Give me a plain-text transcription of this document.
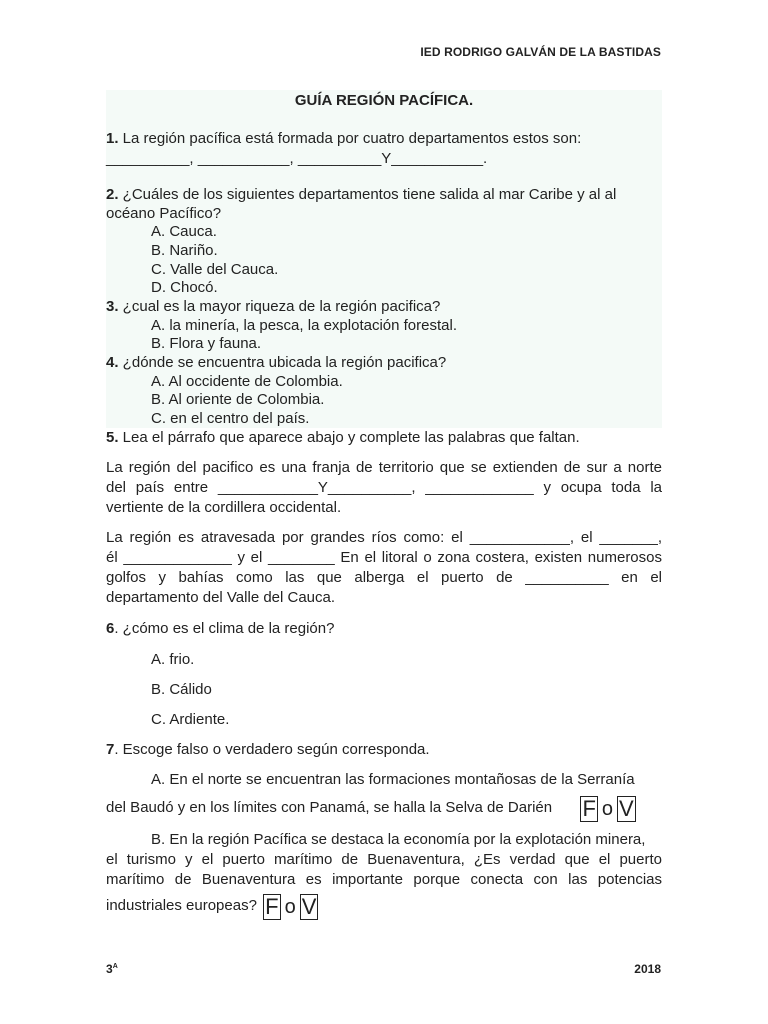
IED RODRIGO GALVÁN DE LA BASTIDAS
GUÍA REGIÓN PACÍFICA.
1. La región pacífica está formada por cuatro departamentos estos son:
__________, ___________, __________Y___________.
2. ¿Cuáles de los siguientes departamentos tiene salida al mar Caribe y al al
océano Pacífico?
A. Cauca.
B. Nariño.
C. Valle del Cauca.
D. Chocó.
3. ¿cual es la mayor riqueza de la región pacifica?
A. la minería, la pesca, la explotación forestal.
B. Flora y fauna.
4. ¿dónde se encuentra ubicada la región pacifica?
A. Al occidente de Colombia.
B. Al oriente de Colombia.
C. en el centro del país.
5. Lea el párrafo que aparece abajo y complete las palabras que faltan.
La región del pacifico es una franja de territorio que se extienden de sur a norte
del país entre ____________Y__________, _____________ y ocupa toda la
vertiente de la cordillera occidental.
La región es atravesada por grandes ríos como: el ____________, el _______,
él _____________ y el ________ En el litoral o zona costera, existen numerosos
golfos y bahías como las que alberga el puerto de __________ en el
departamento del Valle del Cauca.
6. ¿cómo es el clima de la región?
A. frio.
B. Cálido
C. Ardiente.
7. Escoge falso o verdadero según corresponda.
A. En el norte se encuentran las formaciones montañosas de la Serranía
del Baudó y en los límites con Panamá, se halla la Selva de Darién F o V
B. En la región Pacífica se destaca la economía por la explotación minera,
el turismo y el puerto marítimo de Buenaventura, ¿Es verdad que el puerto
marítimo de Buenaventura es importante porque conecta con las potencias
industriales europeas? F o V
$3^A$	2018
